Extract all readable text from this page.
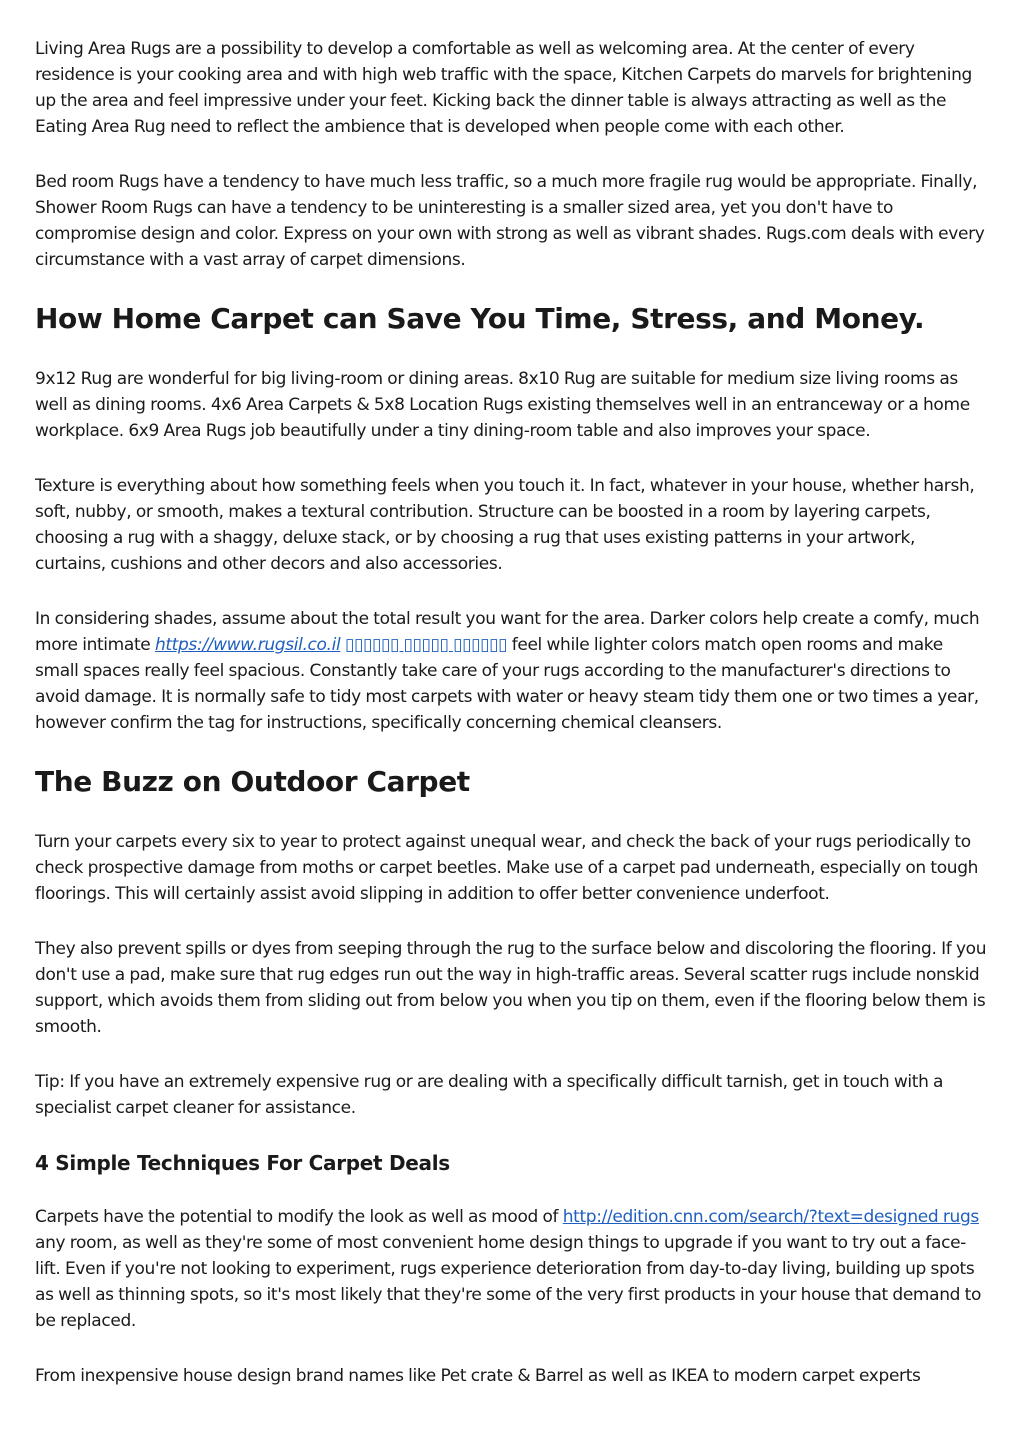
Living Area Rugs are a possibility to develop a comfortable as well as welcoming area. At the center of every residence is your cooking area and with high web traffic with the space, Kitchen Carpets do marvels for brightening up the area and feel impressive under your feet. Kicking back the dinner table is always attracting as well as the Eating Area Rug need to reflect the ambience that is developed when people come with each other.

Bed room Rugs have a tendency to have much less traffic, so a much more fragile rug would be appropriate. Finally, Shower Room Rugs can have a tendency to be uninteresting is a smaller sized area, yet you don't have to compromise design and color. Express on your own with strong as well as vibrant shades. Rugs.com deals with every circumstance with a vast array of carpet dimensions.

How Home Carpet can Save You Time, Stress, and Money.

9x12 Rug are wonderful for big living-room or dining areas. 8x10 Rug are suitable for medium size living rooms as well as dining rooms. 4x6 Area Carpets & 5x8 Location Rugs existing themselves well in an entranceway or a home workplace. 6x9 Area Rugs job beautifully under a tiny dining-room table and also improves your space.

Texture is everything about how something feels when you touch it. In fact, whatever in your house, whether harsh, soft, nubby, or smooth, makes a textural contribution. Structure can be boosted in a room by layering carpets, choosing a rug with a shaggy, deluxe stack, or by choosing a rug that uses existing patterns in your artwork, curtains, cushions and other decors and also accessories.

In considering shades, assume about the total result you want for the area. Darker colors help create a comfy, much more intimate https://www.rugsil.co.il ▯▯▯▯▯▯ ▯▯▯▯▯ ▯▯▯▯▯▯ feel while lighter colors match open rooms and make small spaces really feel spacious. Constantly take care of your rugs according to the manufacturer's directions to avoid damage. It is normally safe to tidy most carpets with water or heavy steam tidy them one or two times a year, however confirm the tag for instructions, specifically concerning chemical cleansers.

The Buzz on Outdoor Carpet

Turn your carpets every six to year to protect against unequal wear, and check the back of your rugs periodically to check prospective damage from moths or carpet beetles. Make use of a carpet pad underneath, especially on tough floorings. This will certainly assist avoid slipping in addition to offer better convenience underfoot.

They also prevent spills or dyes from seeping through the rug to the surface below and discoloring the flooring. If you don't use a pad, make sure that rug edges run out the way in high-traffic areas. Several scatter rugs include nonskid support, which avoids them from sliding out from below you when you tip on them, even if the flooring below them is smooth.

Tip: If you have an extremely expensive rug or are dealing with a specifically difficult tarnish, get in touch with a specialist carpet cleaner for assistance.

4 Simple Techniques For Carpet Deals

Carpets have the potential to modify the look as well as mood of http://edition.cnn.com/search/?text=designed rugs any room, as well as they're some of most convenient home design things to upgrade if you want to try out a face-lift. Even if you're not looking to experiment, rugs experience deterioration from day-to-day living, building up spots as well as thinning spots, so it's most likely that they're some of the very first products in your house that demand to be replaced.

From inexpensive house design brand names like Pet crate & Barrel as well as IKEA to modern carpet experts
